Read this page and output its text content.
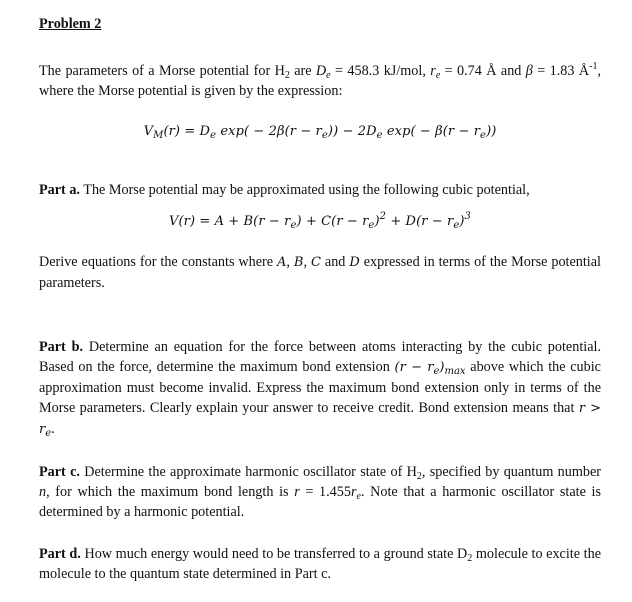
Problem 2

The parameters of a Morse potential for $H_2$ are $D_e = 458.3$ kJ/mol, $r_e = 0.74$ Å and β = 1.83 $Å^{-1}$, where the Morse potential is given by the expression:

$V_M(r) = D_e$ $\exp( - 2\beta(r - r_e)) - 2D_e$ $\exp( - \beta(r - r_e))$

Part a. The Morse potential may be approximated using the following cubic potential,

$V(r) = A + B(r - r_e) + C(r - r_e)^2 + D(r - r_e)^3$

Derive equations for the constants where A, B, C and D expressed in terms of the Morse potential parameters.

Part b. Determine an equation for the force between atoms interacting by the cubic potential. Based on the force, determine the maximum bond extension $(r - r_e)_{max}$ above which the cubic approximation must become invalid. Express the maximum bond extension only in terms of the Morse parameters. Clearly explain your answer to receive credit. Bond extension means that $r > r_e$.

Part c. Determine the approximate harmonic oscillator state of $H_2$, specified by quantum number n, for which the maximum bond length is $r = 1.455r_e$. Note that a harmonic oscillator state is determined by a harmonic potential.

Part d. How much energy would need to be transferred to a ground state $D_2$ molecule to excite the molecule to the quantum state determined in Part c.
